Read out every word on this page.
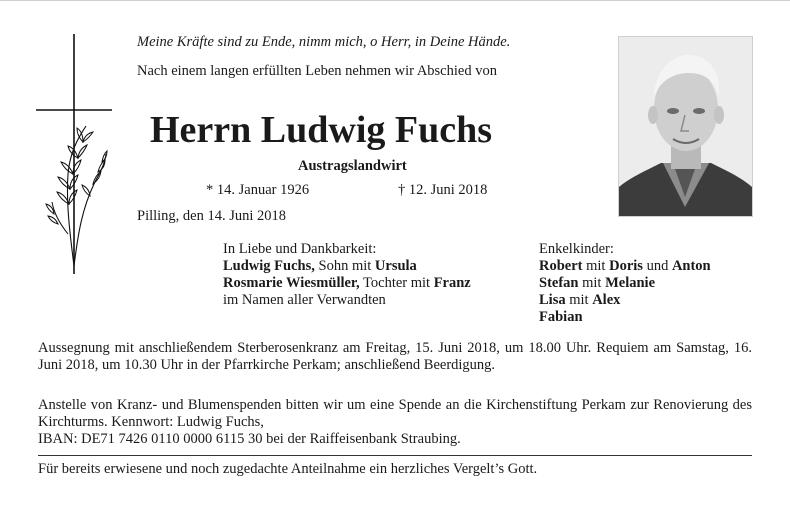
Meine Kräfte sind zu Ende, nimm mich, o Herr, in Deine Hände.
Nach einem langen erfüllten Leben nehmen wir Abschied von
Herrn Ludwig Fuchs
Austragslandwirt
* 14. Januar 1926	† 12. Juni 2018
Pilling, den 14. Juni 2018
In Liebe und Dankbarkeit:
Ludwig Fuchs, Sohn mit Ursula
Rosmarie Wiesmüller, Tochter mit Franz
im Namen aller Verwandten
Enkelkinder:
Robert mit Doris und Anton
Stefan mit Melanie
Lisa mit Alex
Fabian
Aussegnung mit anschließendem Sterberosenkranz am Freitag, 15. Juni 2018, um 18.00 Uhr. Requiem am Samstag, 16. Juni 2018, um 10.30 Uhr in der Pfarrkirche Perkam; anschließend Beerdigung.
Anstelle von Kranz- und Blumenspenden bitten wir um eine Spende an die Kirchenstiftung Perkam zur Renovierung des Kirchturms. Kennwort: Ludwig Fuchs,
IBAN: DE71 7426 0110 0000 6115 30 bei der Raiffeisenbank Straubing.
Für bereits erwiesene und noch zugedachte Anteilnahme ein herzliches Vergelt’s Gott.
